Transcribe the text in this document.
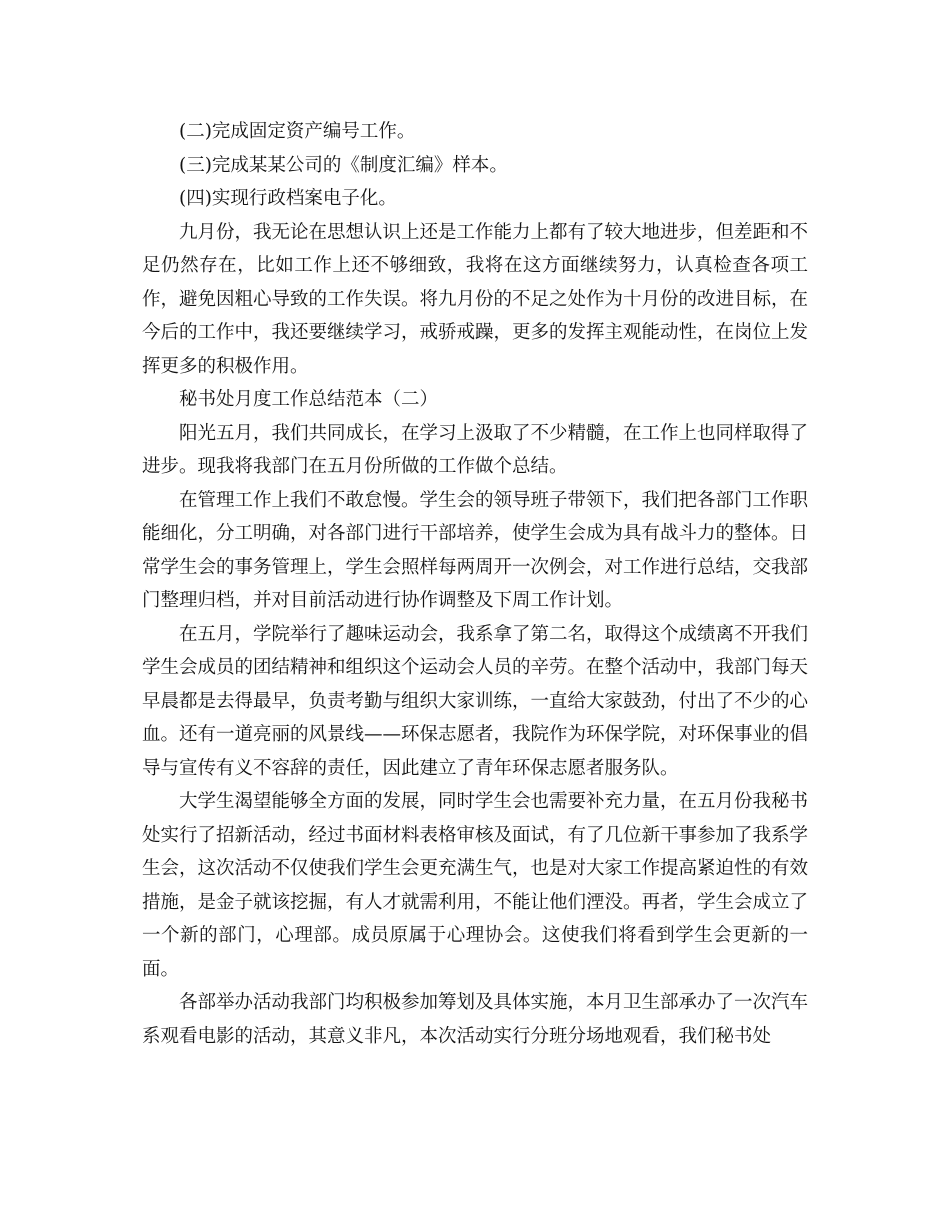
(二)完成固定资产编号工作。

(三)完成某某公司的《制度汇编》样本。

(四)实现行政档案电子化。

九月份，我无论在思想认识上还是工作能力上都有了较大地进步，但差距和不足仍然存在，比如工作上还不够细致，我将在这方面继续努力，认真检查各项工作，避免因粗心导致的工作失误。将九月份的不足之处作为十月份的改进目标，在今后的工作中，我还要继续学习，戒骄戒躁，更多的发挥主观能动性，在岗位上发挥更多的积极作用。

秘书处月度工作总结范本（二）

阳光五月，我们共同成长，在学习上汲取了不少精髓，在工作上也同样取得了进步。现我将我部门在五月份所做的工作做个总结。

在管理工作上我们不敢怠慢。学生会的领导班子带领下，我们把各部门工作职能细化，分工明确，对各部门进行干部培养，使学生会成为具有战斗力的整体。日常学生会的事务管理上，学生会照样每两周开一次例会，对工作进行总结，交我部门整理归档，并对目前活动进行协作调整及下周工作计划。

在五月，学院举行了趣味运动会，我系拿了第二名，取得这个成绩离不开我们学生会成员的团结精神和组织这个运动会人员的辛劳。在整个活动中，我部门每天早晨都是去得最早，负责考勤与组织大家训练，一直给大家鼓劲，付出了不少的心血。还有一道亮丽的风景线——环保志愿者，我院作为环保学院，对环保事业的倡导与宣传有义不容辞的责任，因此建立了青年环保志愿者服务队。

大学生渴望能够全方面的发展，同时学生会也需要补充力量，在五月份我秘书处实行了招新活动，经过书面材料表格审核及面试，有了几位新干事参加了我系学生会，这次活动不仅使我们学生会更充满生气，也是对大家工作提高紧迫性的有效措施，是金子就该挖掘，有人才就需利用，不能让他们湮没。再者，学生会成立了一个新的部门，心理部。成员原属于心理协会。这使我们将看到学生会更新的一面。

各部举办活动我部门均积极参加筹划及具体实施，本月卫生部承办了一次汽车系观看电影的活动，其意义非凡，本次活动实行分班分场地观看，我们秘书处
